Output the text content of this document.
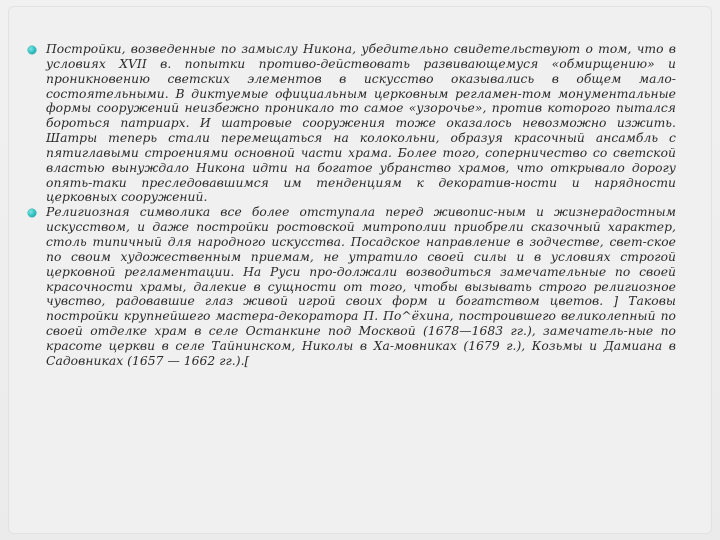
Постройки, возведенные по замыслу Никона, убедительно свидетельствуют о том, что в условиях XVII в. попытки противо-действовать развивающемуся «обмирщению» и проникновению светских элементов в искусство оказывались в общем мало-состоятельными. В диктуемые официальным церковным регламен-том монументальные формы сооружений неизбежно проникало то самое «узорочье», против которого пытался бороться патриарх. И шатровые сооружения тоже оказалось невозможно изжить. Шатры теперь стали перемещаться на колокольни, образуя красочный ансамбль с пятиглавыми строениями основной части храма. Более того, соперничество со светской властью вынуждало Никона идти на богатое убранство храмов, что открывало дорогу опять-таки преследовавшимся им тенденциям к декоратив-ности и нарядности церковных сооружений.

Религиозная символика все более отступала перед живопис-ным и жизнерадостным искусством, и даже постройки ростовской митрополии приобрели сказочный характер, столь типичный для народного искусства. Посадское направление в зодчестве, свет-ское по своим художественным приемам, не утратило своей силы и в условиях строгой церковной регламентации. На Руси про-должали возводиться замечательные по своей красочности храмы, далекие в сущности от того, чтобы вызывать строго религиозное чувство, радовавшие глаз живой игрой своих форм и богатством цветов. ] Таковы постройки крупнейшего мастера-декоратора П. По^ёхина, построившего великолепный по своей отделке храм в селе Останкине под Москвой (1678—1683 гг.), замечатель-ные по красоте церкви в селе Тайнинском, Николы в Ха-мовниках (1679 г.), Козьмы и Дамиана в Садовниках (1657 — 1662 гг.).[
